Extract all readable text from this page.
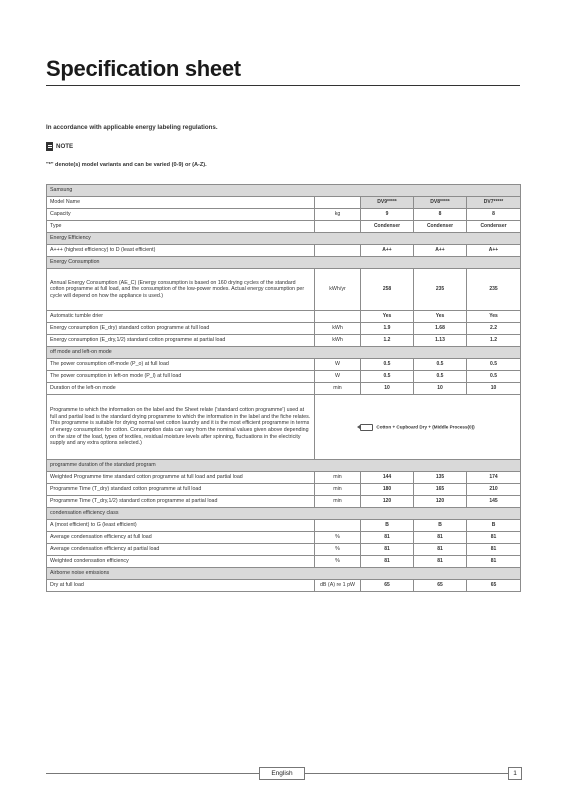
Specification sheet
In accordance with applicable energy labeling regulations.
NOTE
"*" denote(s) model variants and can be varied (0-9) or (A-Z).
Samsung				
Model Name		DV9*****	DV8*****	DV7*****
Capacity	kg	9	8	8
Type		Condenser	Condenser	Condenser
Energy Efficiency				
A+++ (highest efficiency) to D (least efficient)		A++	A++	A++
Energy Consumption				
Annual Energy Consumption (AE_C) (Energy consumption is based on 160 drying cycles of the standard cotton programme at full load, and the consumption of the low-power modes. Actual energy consumption per cycle will depend on how the appliance is used.)	kWh/yr	258	235	235
Automatic tumble drier		Yes	Yes	Yes
Energy consumption (E_dry) standard cotton programme at full load	kWh	1.9	1.68	2.2
Energy consumption (E_dry,1/2) standard cotton programme at partial load	kWh	1.2	1.13	1.2
off mode and left-on mode				
The power consumption off-mode (P_o) at full load	W	0.5	0.5	0.5
The power consumption in left-on mode (P_l) at full load	W	0.5	0.5	0.5
Duration of the left-on mode	min	10	10	10
Programme to which the information on the label and the Sheet relate ('standard cotton programme') used at full and partial load is the standard drying programme to which the information in the label and the fiche relates. This programme is suitable for drying normal wet cotton laundry and it is the most efficient programme in terms of energy consumption for cotton. Consumption data can vary from the nominal values given above depending on the size of the load, types of textiles, residual moisture levels after spinning, fluctuations in the electricity supply and any extra options selected.)	Cotton + Cupboard Dry + (Middle Process(0))			
programme duration of the standard program				
Weighted Programme time standard cotton programme at full load and partial load	min	144	135	174
Programme Time (T_dry) standard cotton programme at full load	min	180	165	210
Programme Time (T_dry,1/2) standard cotton programme at partial load	min	120	120	145
condensation efficiency class				
A (most efficient) to G (least efficient)		B	B	B
Average condensation efficiency at full load	%	81	81	81
Average condensation efficiency at partial load	%	81	81	81
Weighted condensation efficiency	%	81	81	81
Airborne noise emissions				
Dry at full load	dB (A) re 1 pW	65	65	65
English	1
